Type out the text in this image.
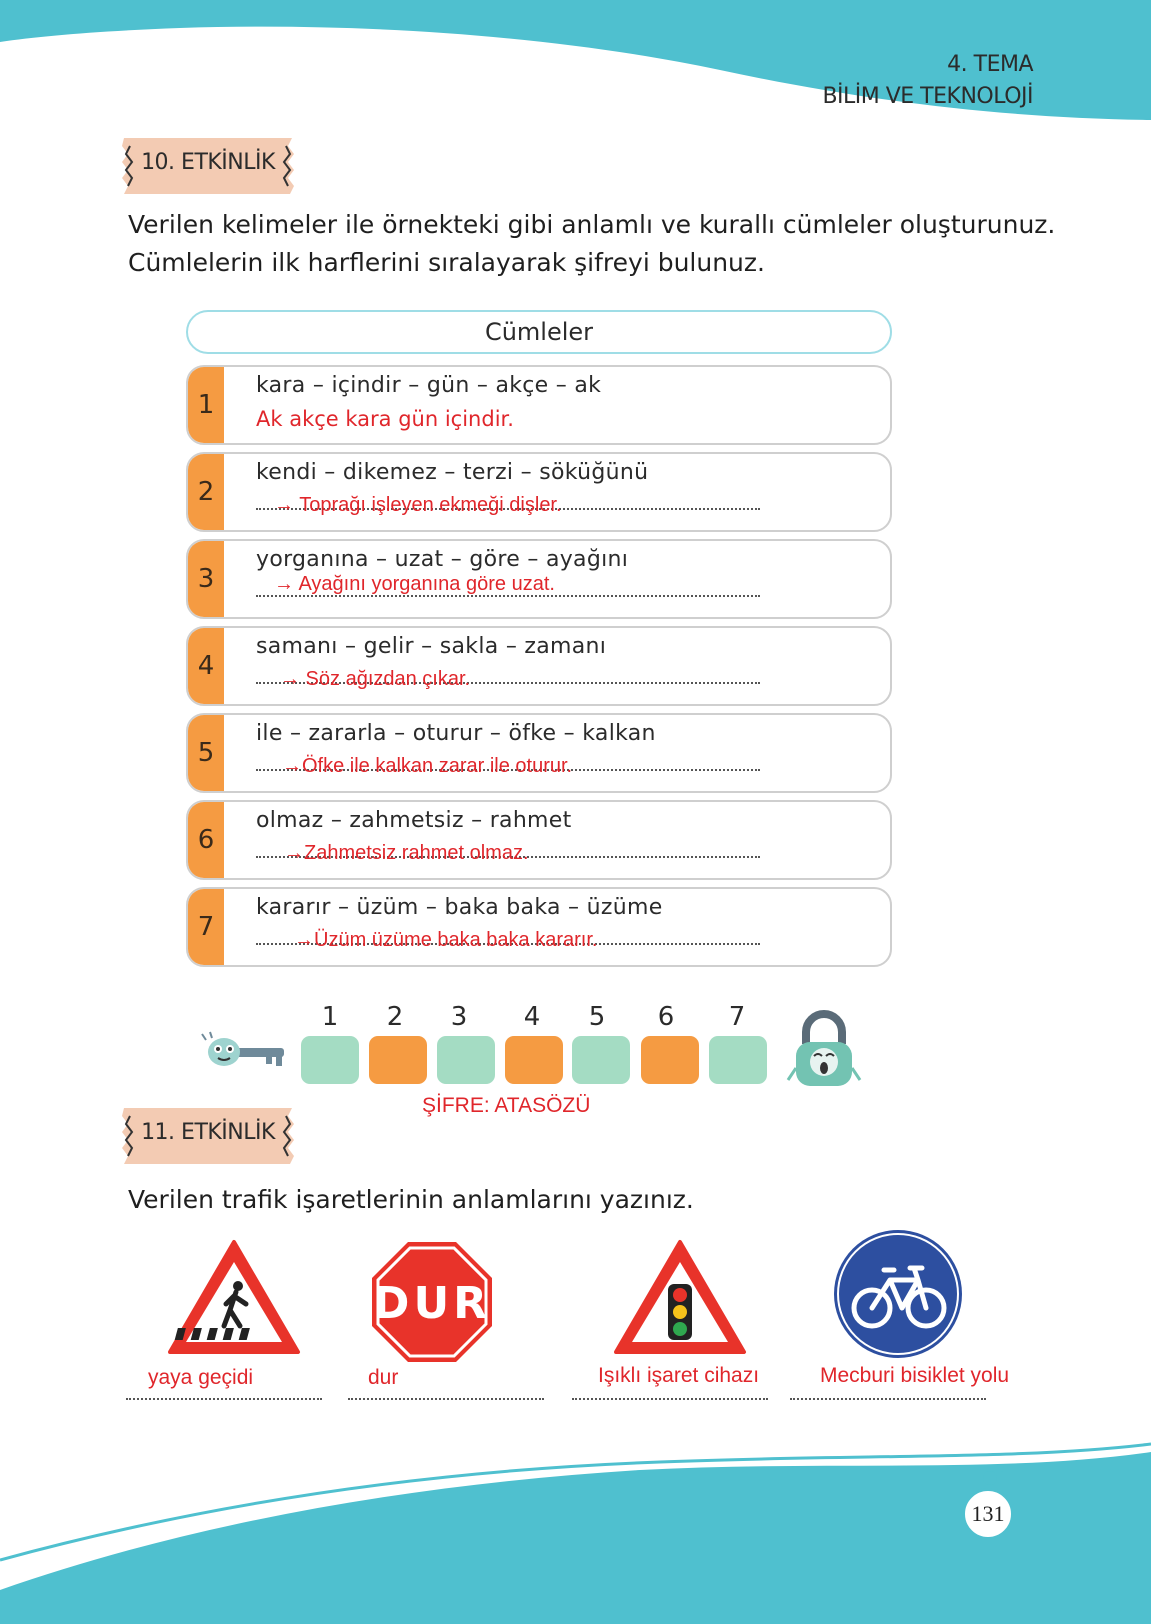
4. TEMA
BİLİM VE TEKNOLOJİ
10. ETKİNLİK
Verilen kelimeler ile örnekteki gibi anlamlı ve kurallı cümleler oluşturunuz.
Cümlelerin ilk harflerini sıralayarak şifreyi bulunuz.
Cümleler
1
kara – içindir – gün – akçe – ak
Ak akçe kara gün içindir.
2
kendi – dikemez – terzi – söküğünü
→ Toprağı işleyen ekmeği dişler.
3
yorganına – uzat – göre – ayağını
→ Ayağını yorganına göre uzat.
4
samanı – gelir – sakla – zamanı
→ Söz ağızdan çıkar.
5
ile – zararla – oturur – öfke – kalkan
→Öfke ile kalkan zarar ile oturur.
6
olmaz – zahmetsiz – rahmet
→Zahmetsiz rahmet olmaz.
7
kararır – üzüm – baka baka – üzüme
→Üzüm üzüme baka baka kararır.
1	2	3	4	5	6	7
ŞİFRE: ATASÖZÜ
11. ETKİNLİK
Verilen trafik işaretlerinin anlamlarını yazınız.
DUR
yaya geçidi	dur	Işıklı işaret cihazı	Mecburi bisiklet yolu
131
